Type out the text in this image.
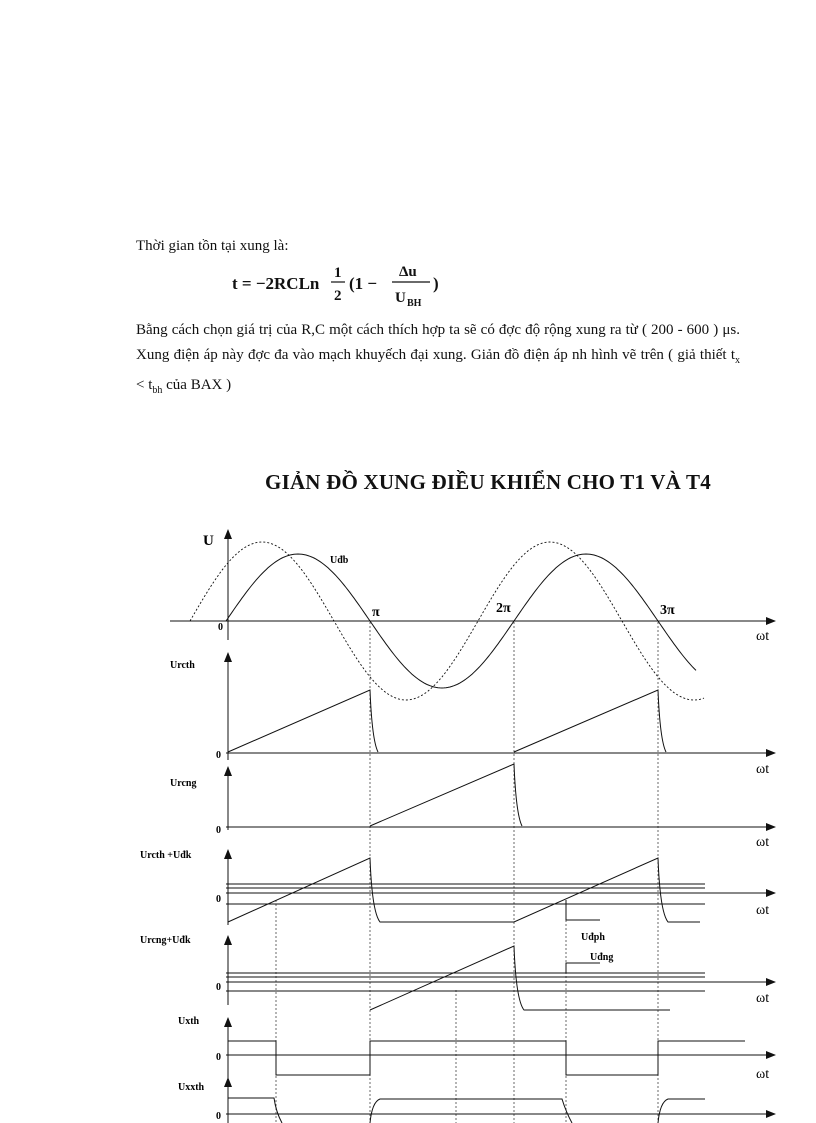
Thời gian tồn tại xung là:
t = −2RCLn
1
2
(1 −
Δu
U BH
)
Bằng cách chọn giá trị của R,C một cách thích hợp ta sẽ có đợc độ rộng xung ra từ ( 200 - 600 ) μs. Xung điện áp này đợc đa vào mạch khuyếch đại xung. Giản đồ điện áp nh hình vẽ trên ( giả thiết $t_x < t_{bh}$ của BAX )
GIẢN ĐỒ XUNG ĐIỀU KHIỂN CHO T1 VÀ T4
U
Uđb
π	2π	3π
0
ωt
Urcth
0
ωt
Urcng
0
ωt
Urcth +Uđk
0
ωt
Urcng+Uđk	Uđph
Uđng
0
ωt
Uxth
0
ωt
Uxxth
0
